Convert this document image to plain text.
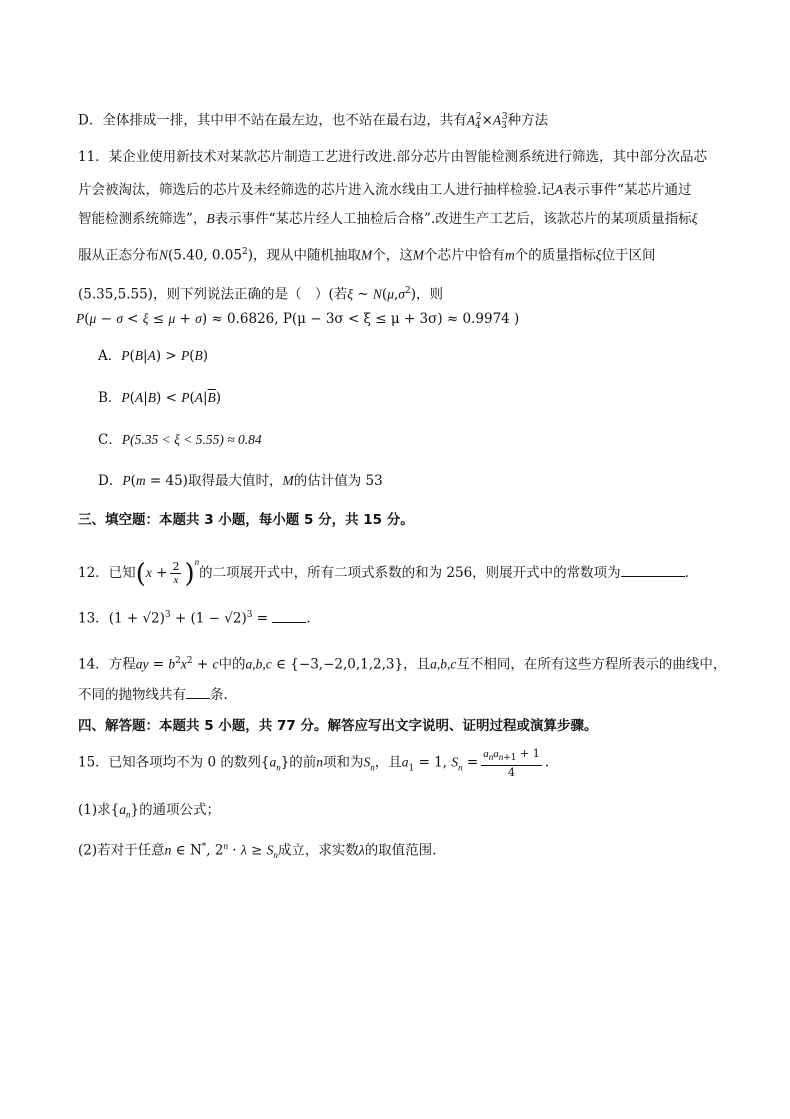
D．全体排成一排，其中甲不站在最左边，也不站在最右边，共有$A_4^2\times A_3^3$种方法
11．某企业使用新技术对某款芯片制造工艺进行改进.部分芯片由智能检测系统进行筛选，其中部分次品芯
片会被淘汰，筛选后的芯片及未经筛选的芯片进入流水线由工人进行抽样检验.记A表示事件“某芯片通过
智能检测系统筛选”，B表示事件“某芯片经人工抽检后合格”.改进生产工艺后，该款芯片的某项质量指标ξ
服从正态分布N(5.40, 0.05$^2$)，现从中随机抽取M个，这M个芯片中恰有m个的质量指标ξ位于区间
(5.35,5.55)，则下列说法正确的是（　）(若ξ ~ $N(\mu,\sigma^2)$，则
P(μ − σ < ξ ≤ μ + σ) ≈ 0.6826, P(μ − 3σ < ξ ≤ μ + 3σ) ≈ 0.9974 )
A．P(B|A) > P(B)
B．$P(A|B) < P(A|\overline{B})$
C．P(5.35 < ξ < 5.55) ≈ 0.84
D．P(m = 45)取得最大值时，M的估计值为 53
三、填空题：本题共 3 小题，每小题 5 分，共 15 分。
12．已知$(x + \frac{2}{x} )^n$的二项展开式中，所有二项式系数的和为 256，则展开式中的常数项为	.
13．$(1 + √2)^3 + (1 - √2)^3$ =	.
14．方程ay = $b^2x^2 + c$中的a,b,c ∈ {−3,−2,0,1,2,3}，且a,b,c互不相同，在所有这些方程所表示的曲线中，
不同的抛物线共有 条.
四、解答题：本题共 5 小题，共 77 分。解答应写出文字说明、证明过程或演算步骤。
15．已知各项均不为 0 的数列$\{a_n\}$的前n项和为$S_n$，且$a_1 = 1$, $S_n = \frac{a_na_{n+1} + 1}{4}$ .
(1)求$\{a_n\}$的通项公式；
(2)若对于任意n ∈ N*, $2^n \cdot \lambda \ge S_n$成立，求实数λ的取值范围.
